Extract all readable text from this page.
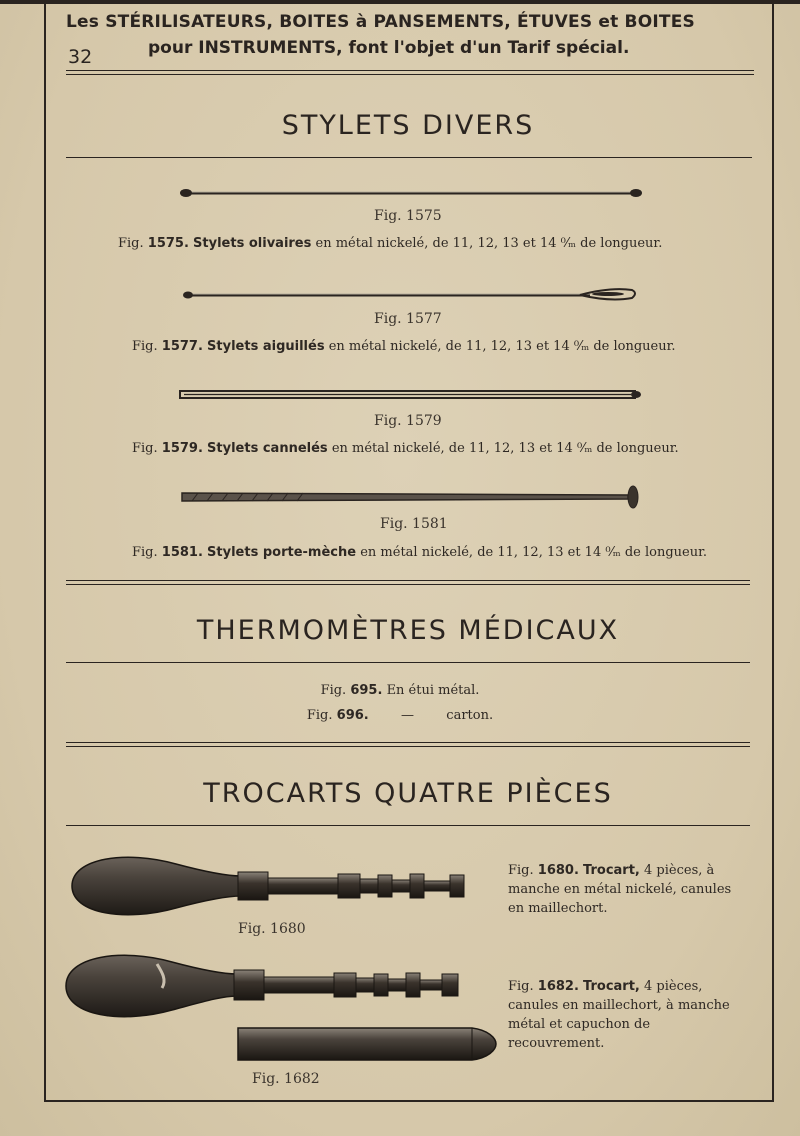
Les STÉRILISATEURS, BOITES à PANSEMENTS, ÉTUVES et BOITES
32	pour INSTRUMENTS, font l'objet d'un Tarif spécial.
STYLETS DIVERS
Fig. 1575
Fig. 1575. Stylets olivaires en métal nickelé, de 11, 12, 13 et 14 ⁰⁄ₘ de longueur.
Fig. 1577
Fig. 1577. Stylets aiguillés en métal nickelé, de 11, 12, 13 et 14 ⁰⁄ₘ de longueur.
Fig. 1579
Fig. 1579. Stylets cannelés en métal nickelé, de 11, 12, 13 et 14 ⁰⁄ₘ de longueur.
Fig. 1581
Fig. 1581. Stylets porte-mèche en métal nickelé, de 11, 12, 13 et 14 ⁰⁄ₘ de longueur.
THERMOMÈTRES MÉDICAUX
Fig. 695. En étui métal.
Fig. 696. — carton.
TROCARTS QUATRE PIÈCES
Fig. 1680
Fig. 1680. Trocart, 4 pièces, à manche en métal nickelé, canules en maillechort.
Fig. 1682
Fig. 1682. Trocart, 4 pièces, canules en maillechort, à manche métal et capuchon de recouvrement.
